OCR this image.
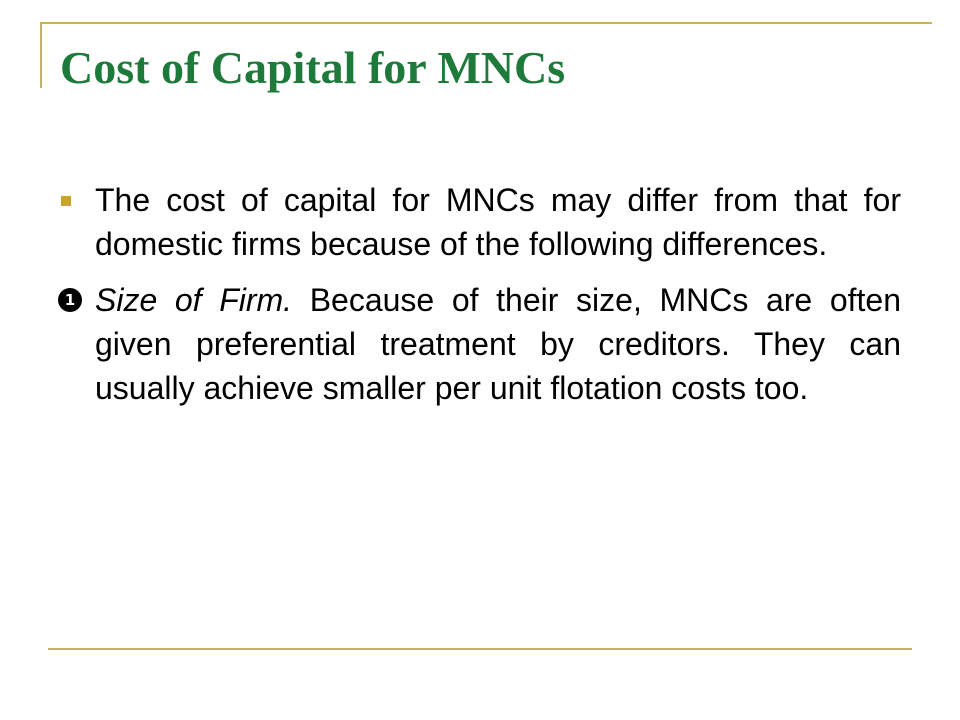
Cost of Capital for MNCs

The cost of capital for MNCs may differ from that for domestic firms because of the following differences.

1 Size of Firm. Because of their size, MNCs are often given preferential treatment by creditors. They can usually achieve smaller per unit flotation costs too.
